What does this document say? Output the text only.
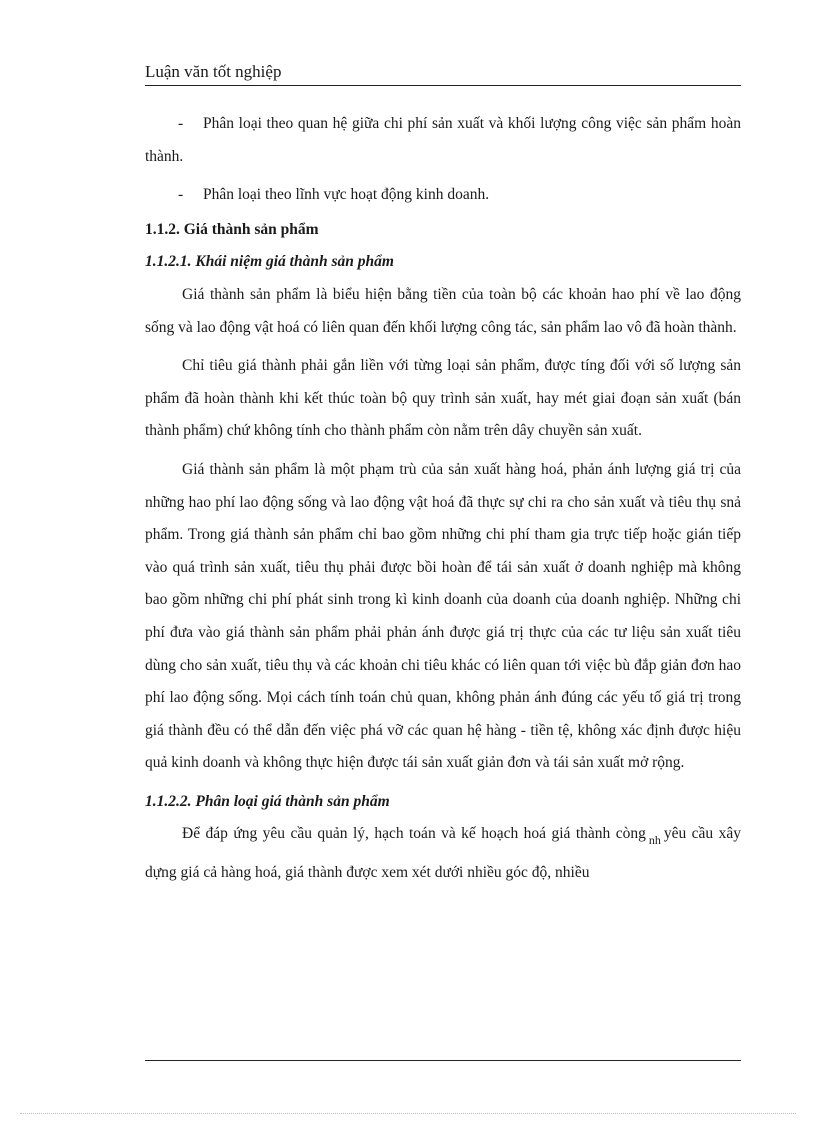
Luận văn tốt nghiệp

- Phân loại theo quan hệ giữa chi phí sản xuất và khối lượng công việc sản phẩm hoàn thành.

- Phân loại theo lĩnh vực hoạt động kinh doanh.

1.1.2. Giá thành sản phẩm

1.1.2.1. Khái niệm giá thành sản phẩm

Giá thành sản phẩm là biểu hiện bằng tiền của toàn bộ các khoản hao phí về lao động sống và lao động vật hoá có liên quan đến khối lượng công tác, sản phẩm lao vô đã hoàn thành.

Chỉ tiêu giá thành phải gắn liền với từng loại sản phẩm, được tíng đối với số lượng sản phẩm đã hoàn thành khi kết thúc toàn bộ quy trình sản xuất, hay mét giai đoạn sản xuất (bán thành phẩm) chứ không tính cho thành phẩm còn nằm trên dây chuyền sản xuất.

Giá thành sản phẩm là một phạm trù của sản xuất hàng hoá, phản ánh lượng giá trị của những hao phí lao động sống và lao động vật hoá đã thực sự chi ra cho sản xuất và tiêu thụ snả phẩm. Trong giá thành sản phẩm chỉ bao gồm những chi phí tham gia trực tiếp hoặc gián tiếp vào quá trình sản xuất, tiêu thụ phải được bồi hoàn để tái sản xuất ở doanh nghiệp mà không bao gồm những chi phí phát sinh trong kì kinh doanh của doanh của doanh nghiệp. Những chi phí đưa vào giá thành sản phẩm phải phản ánh được giá trị thực của các tư liệu sản xuất tiêu dùng cho sản xuất, tiêu thụ và các khoản chi tiêu khác có liên quan tới việc bù đắp giản đơn hao phí lao động sống. Mọi cách tính toán chủ quan, không phản ánh đúng các yếu tố giá trị trong giá thành đều có thể dẫn đến việc phá vỡ các quan hệ hàng - tiền tệ, không xác định được hiệu quả kinh doanh và không thực hiện được tái sản xuất giản đơn và tái sản xuất mở rộng.

1.1.2.2. Phân loại giá thành sản phẩm

Để đáp ứng yêu cầu quản lý, hạch toán và kế hoạch hoá giá thành còng $_{nh}$ yêu cầu xây dựng giá cả hàng hoá, giá thành được xem xét dưới nhiều góc độ, nhiều
